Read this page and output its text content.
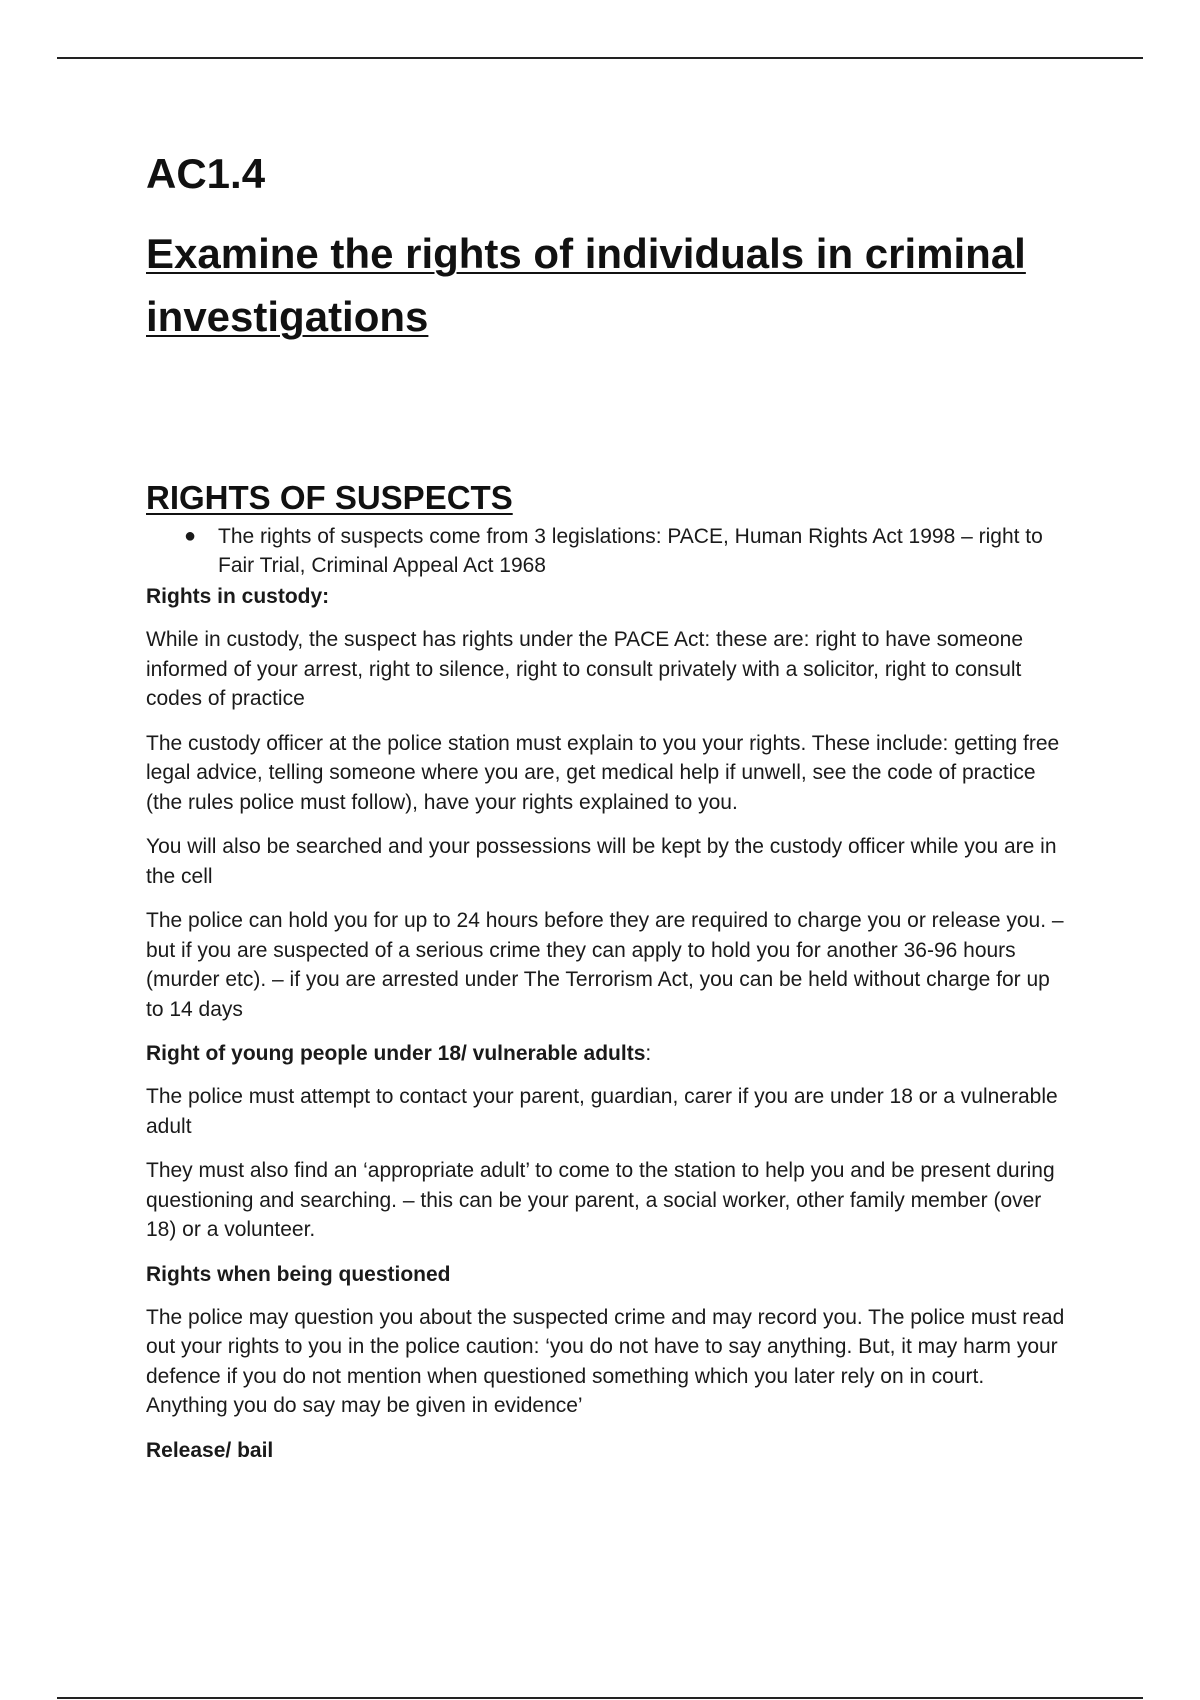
AC1.4
Examine the rights of individuals in criminal investigations
RIGHTS OF SUSPECTS
● The rights of suspects come from 3 legislations: PACE, Human Rights Act 1998 – right to Fair Trial, Criminal Appeal Act 1968
Rights in custody:

While in custody, the suspect has rights under the PACE Act: these are: right to have someone informed of your arrest, right to silence, right to consult privately with a solicitor, right to consult codes of practice

The custody officer at the police station must explain to you your rights. These include: getting free legal advice, telling someone where you are, get medical help if unwell, see the code of practice (the rules police must follow), have your rights explained to you.

You will also be searched and your possessions will be kept by the custody officer while you are in the cell

The police can hold you for up to 24 hours before they are required to charge you or release you. – but if you are suspected of a serious crime they can apply to hold you for another 36-96 hours (murder etc). – if you are arrested under The Terrorism Act, you can be held without charge for up to 14 days

Right of young people under 18/ vulnerable adults:

The police must attempt to contact your parent, guardian, carer if you are under 18 or a vulnerable adult

They must also find an ‘appropriate adult’ to come to the station to help you and be present during questioning and searching. – this can be your parent, a social worker, other family member (over 18) or a volunteer.

Rights when being questioned

The police may question you about the suspected crime and may record you. The police must read out your rights to you in the police caution: ‘you do not have to say anything. But, it may harm your defence if you do not mention when questioned something which you later rely on in court. Anything you do say may be given in evidence’

Release/ bail
